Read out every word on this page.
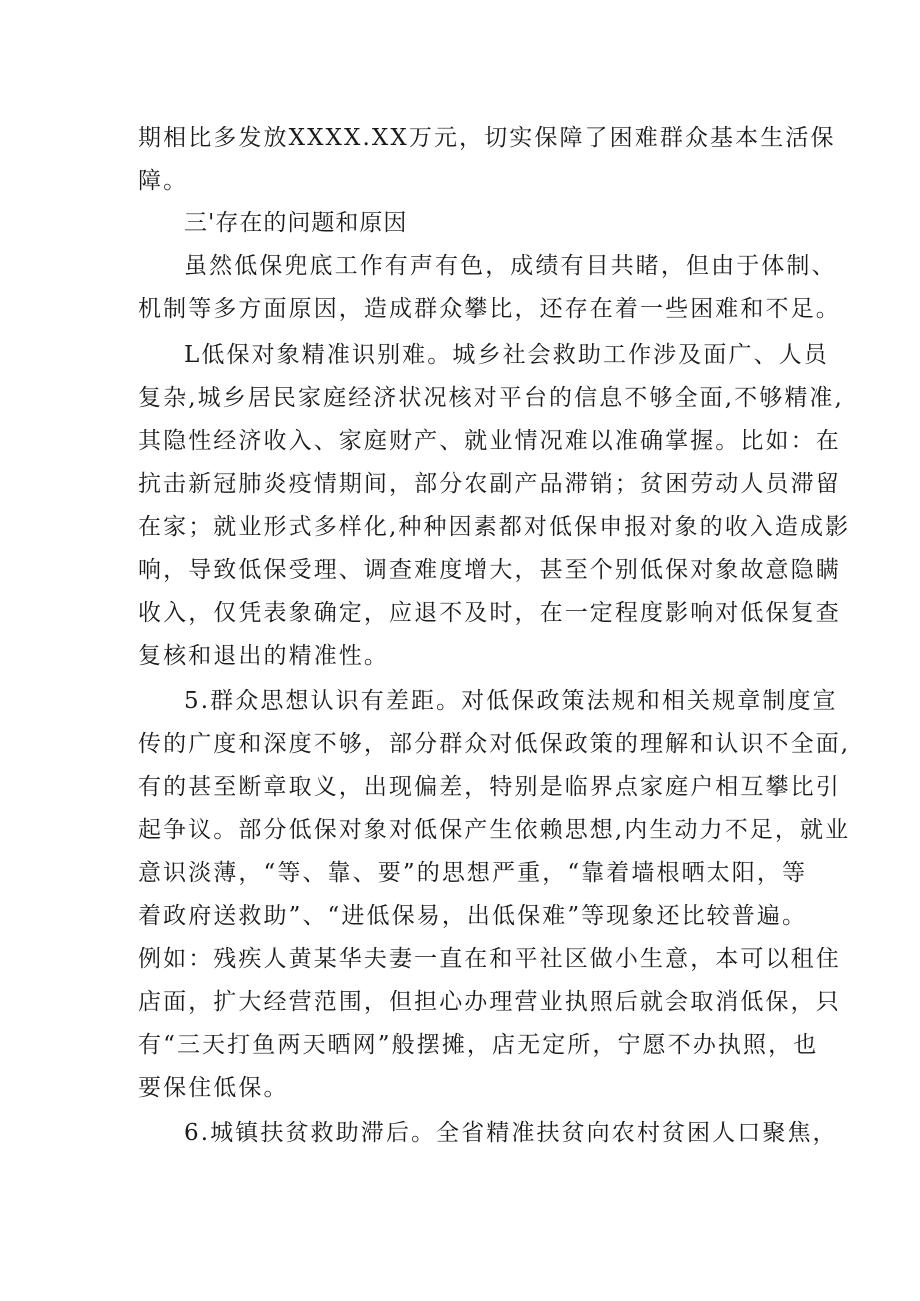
期相比多发放XXXX.XX万元，切实保障了困难群众基本生活保
障。
三'存在的问题和原因
虽然低保兜底工作有声有色，成绩有目共睹，但由于体制、
机制等多方面原因，造成群众攀比，还存在着一些困难和不足。
L低保对象精准识别难。城乡社会救助工作涉及面广、人员
复杂,城乡居民家庭经济状况核对平台的信息不够全面,不够精准,
其隐性经济收入、家庭财产、就业情况难以准确掌握。比如：在
抗击新冠肺炎疫情期间，部分农副产品滞销；贫困劳动人员滞留
在家；就业形式多样化,种种因素都对低保申报对象的收入造成影
响，导致低保受理、调查难度增大，甚至个别低保对象故意隐瞒
收入，仅凭表象确定，应退不及时，在一定程度影响对低保复查
复核和退出的精准性。
5.群众思想认识有差距。对低保政策法规和相关规章制度宣
传的广度和深度不够，部分群众对低保政策的理解和认识不全面,
有的甚至断章取义，出现偏差，特别是临界点家庭户相互攀比引
起争议。部分低保对象对低保产生依赖思想,内生动力不足，就业
意识淡薄，“等、靠、要”的思想严重，“靠着墙根晒太阳，等
着政府送救助”、“进低保易，出低保难”等现象还比较普遍。
例如：残疾人黄某华夫妻一直在和平社区做小生意，本可以租住
店面，扩大经营范围，但担心办理营业执照后就会取消低保，只
有“三天打鱼两天晒网”般摆摊，店无定所，宁愿不办执照，也
要保住低保。
6.城镇扶贫救助滞后。全省精准扶贫向农村贫困人口聚焦，
